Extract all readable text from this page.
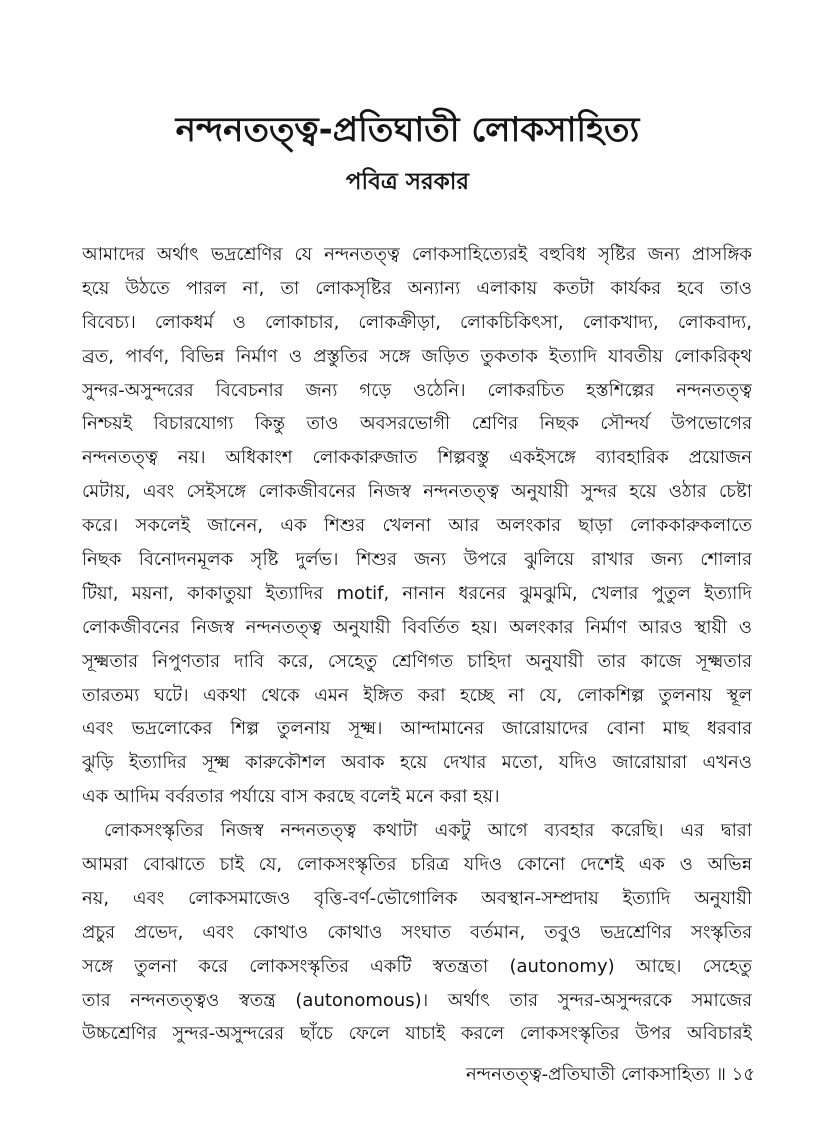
নন্দনতত্ত্ব-প্রতিঘাতী লোকসাহিত্য
পবিত্র সরকার
আমাদের অর্থাৎ ভদ্রশ্রেণির যে নন্দনতত্ত্ব লোকসাহিত্যেরই বহুবিধ সৃষ্টির জন্য প্রাসঙ্গিক
হয়ে উঠতে পারল না, তা লোকসৃষ্টির অন্যান্য এলাকায় কতটা কার্যকর হবে তাও
বিবেচ্য। লোকধর্ম ও লোকাচার, লোকক্রীড়া, লোকচিকিৎসা, লোকখাদ্য, লোকবাদ্য,
ব্রত, পার্বণ, বিভিন্ন নির্মাণ ও প্রস্তুতির সঙ্গে জড়িত তুকতাক ইত্যাদি যাবতীয় লোকরিক্থ
সুন্দর-অসুন্দরের বিবেচনার জন্য গড়ে ওঠেনি। লোকরচিত হস্তশিল্পের নন্দনতত্ত্ব
নিশ্চয়ই বিচারযোগ্য কিন্তু তাও অবসরভোগী শ্রেণির নিছক সৌন্দর্য উপভোগের
নন্দনতত্ত্ব নয়। অধিকাংশ লোককারুজাত শিল্পবস্তু একইসঙ্গে ব্যাবহারিক প্রয়োজন
মেটায়, এবং সেইসঙ্গে লোকজীবনের নিজস্ব নন্দনতত্ত্ব অনুযায়ী সুন্দর হয়ে ওঠার চেষ্টা
করে। সকলেই জানেন, এক শিশুর খেলনা আর অলংকার ছাড়া লোককারুকলাতে
নিছক বিনোদনমূলক সৃষ্টি দুর্লভ। শিশুর জন্য উপরে ঝুলিয়ে রাখার জন্য শোলার
টিয়া, ময়না, কাকাতুয়া ইত্যাদির motif, নানান ধরনের ঝুমঝুমি, খেলার পুতুল ইত্যাদি
লোকজীবনের নিজস্ব নন্দনতত্ত্ব অনুযায়ী বিবর্তিত হয়। অলংকার নির্মাণ আরও স্থায়ী ও
সূক্ষ্মতার নিপুণতার দাবি করে, সেহেতু শ্রেণিগত চাহিদা অনুযায়ী তার কাজে সূক্ষ্মতার
তারতম্য ঘটে। একথা থেকে এমন ইঙ্গিত করা হচ্ছে না যে, লোকশিল্প তুলনায় স্থূল
এবং ভদ্রলোকের শিল্প তুলনায় সূক্ষ্ম। আন্দামানের জারোয়াদের বোনা মাছ ধরবার
ঝুড়ি ইত্যাদির সূক্ষ্ম কারুকৌশল অবাক হয়ে দেখার মতো, যদিও জারোয়ারা এখনও
এক আদিম বর্বরতার পর্যায়ে বাস করছে বলেই মনে করা হয়।
লোকসংস্কৃতির নিজস্ব নন্দনতত্ত্ব কথাটা একটু আগে ব্যবহার করেছি। এর দ্বারা
আমরা বোঝাতে চাই যে, লোকসংস্কৃতির চরিত্র যদিও কোনো দেশেই এক ও অভিন্ন
নয়, এবং লোকসমাজেও বৃত্তি-বর্ণ-ভৌগোলিক অবস্থান-সম্প্রদায় ইত্যাদি অনুযায়ী
প্রচুর প্রভেদ, এবং কোথাও কোথাও সংঘাত বর্তমান, তবুও ভদ্রশ্রেণির সংস্কৃতির
সঙ্গে তুলনা করে লোকসংস্কৃতির একটি স্বতন্ত্রতা (autonomy) আছে। সেহেতু
তার নন্দনতত্ত্বও স্বতন্ত্র (autonomous)। অর্থাৎ তার সুন্দর-অসুন্দরকে সমাজের
উচ্চশ্রেণির সুন্দর-অসুন্দরের ছাঁচে ফেলে যাচাই করলে লোকসংস্কৃতির উপর অবিচারই
নন্দনতত্ত্ব-প্রতিঘাতী লোকসাহিত্য ॥ ১৫
